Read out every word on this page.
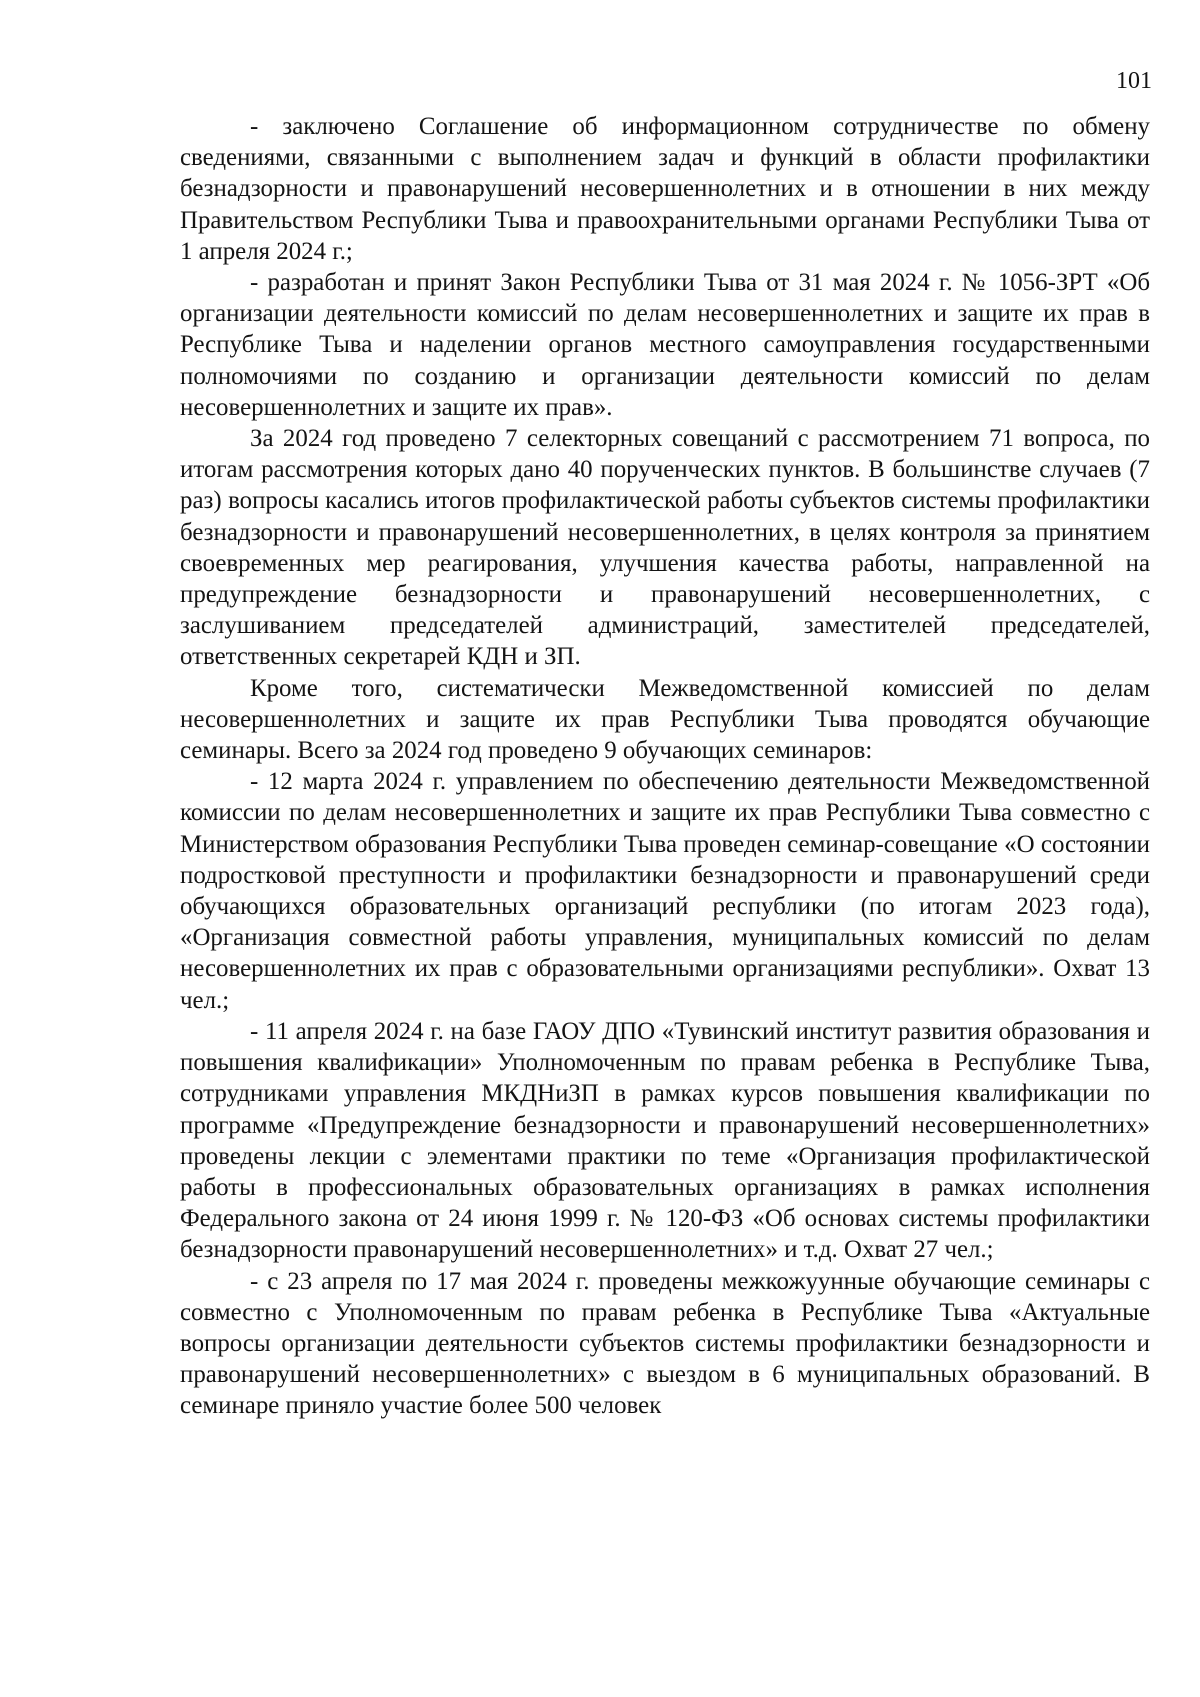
101

- заключено Соглашение об информационном сотрудничестве по обмену сведениями, связанными с выполнением задач и функций в области профилактики безнадзорности и правонарушений несовершеннолетних и в отношении в них между Правительством Республики Тыва и правоохранительными органами Республики Тыва от 1 апреля 2024 г.;

- разработан и принят Закон Республики Тыва от 31 мая 2024 г. № 1056-ЗРТ «Об организации деятельности комиссий по делам несовершеннолетних и защите их прав в Республике Тыва и наделении органов местного самоуправления государственными полномочиями по созданию и организации деятельности комиссий по делам несовершеннолетних и защите их прав».

За 2024 год проведено 7 селекторных совещаний с рассмотрением 71 вопроса, по итогам рассмотрения которых дано 40 порученческих пунктов. В большинстве случаев (7 раз) вопросы касались итогов профилактической работы субъектов системы профилактики безнадзорности и правонарушений несовершеннолетних, в целях контроля за принятием своевременных мер реагирования, улучшения качества работы, направленной на предупреждение безнадзорности и правонарушений несовершеннолетних, с заслушиванием председателей администраций, заместителей председателей, ответственных секретарей КДН и ЗП.

Кроме того, систематически Межведомственной комиссией по делам несовершеннолетних и защите их прав Республики Тыва проводятся обучающие семинары. Всего за 2024 год проведено 9 обучающих семинаров:

- 12 марта 2024 г. управлением по обеспечению деятельности Межведомственной комиссии по делам несовершеннолетних и защите их прав Республики Тыва совместно с Министерством образования Республики Тыва проведен семинар-совещание «О состоянии подростковой преступности и профилактики безнадзорности и правонарушений среди обучающихся образовательных организаций республики (по итогам 2023 года), «Организация совместной работы управления, муниципальных комиссий по делам несовершеннолетних их прав с образовательными организациями республики». Охват 13 чел.;

- 11 апреля 2024 г. на базе ГАОУ ДПО «Тувинский институт развития образования и повышения квалификации» Уполномоченным по правам ребенка в Республике Тыва, сотрудниками управления МКДНиЗП в рамках курсов повышения квалификации по программе «Предупреждение безнадзорности и правонарушений несовершеннолетних» проведены лекции с элементами практики по теме «Организация профилактической работы в профессиональных образовательных организациях в рамках исполнения Федерального закона от 24 июня 1999 г. № 120-ФЗ «Об основах системы профилактики безнадзорности правонарушений несовершеннолетних» и т.д. Охват 27 чел.;

- с 23 апреля по 17 мая 2024 г. проведены межкожуунные обучающие семинары с совместно с Уполномоченным по правам ребенка в Республике Тыва «Актуальные вопросы организации деятельности субъектов системы профилактики безнадзорности и правонарушений несовершеннолетних» с выездом в 6 муниципальных образований. В семинаре приняло участие более 500 человек
